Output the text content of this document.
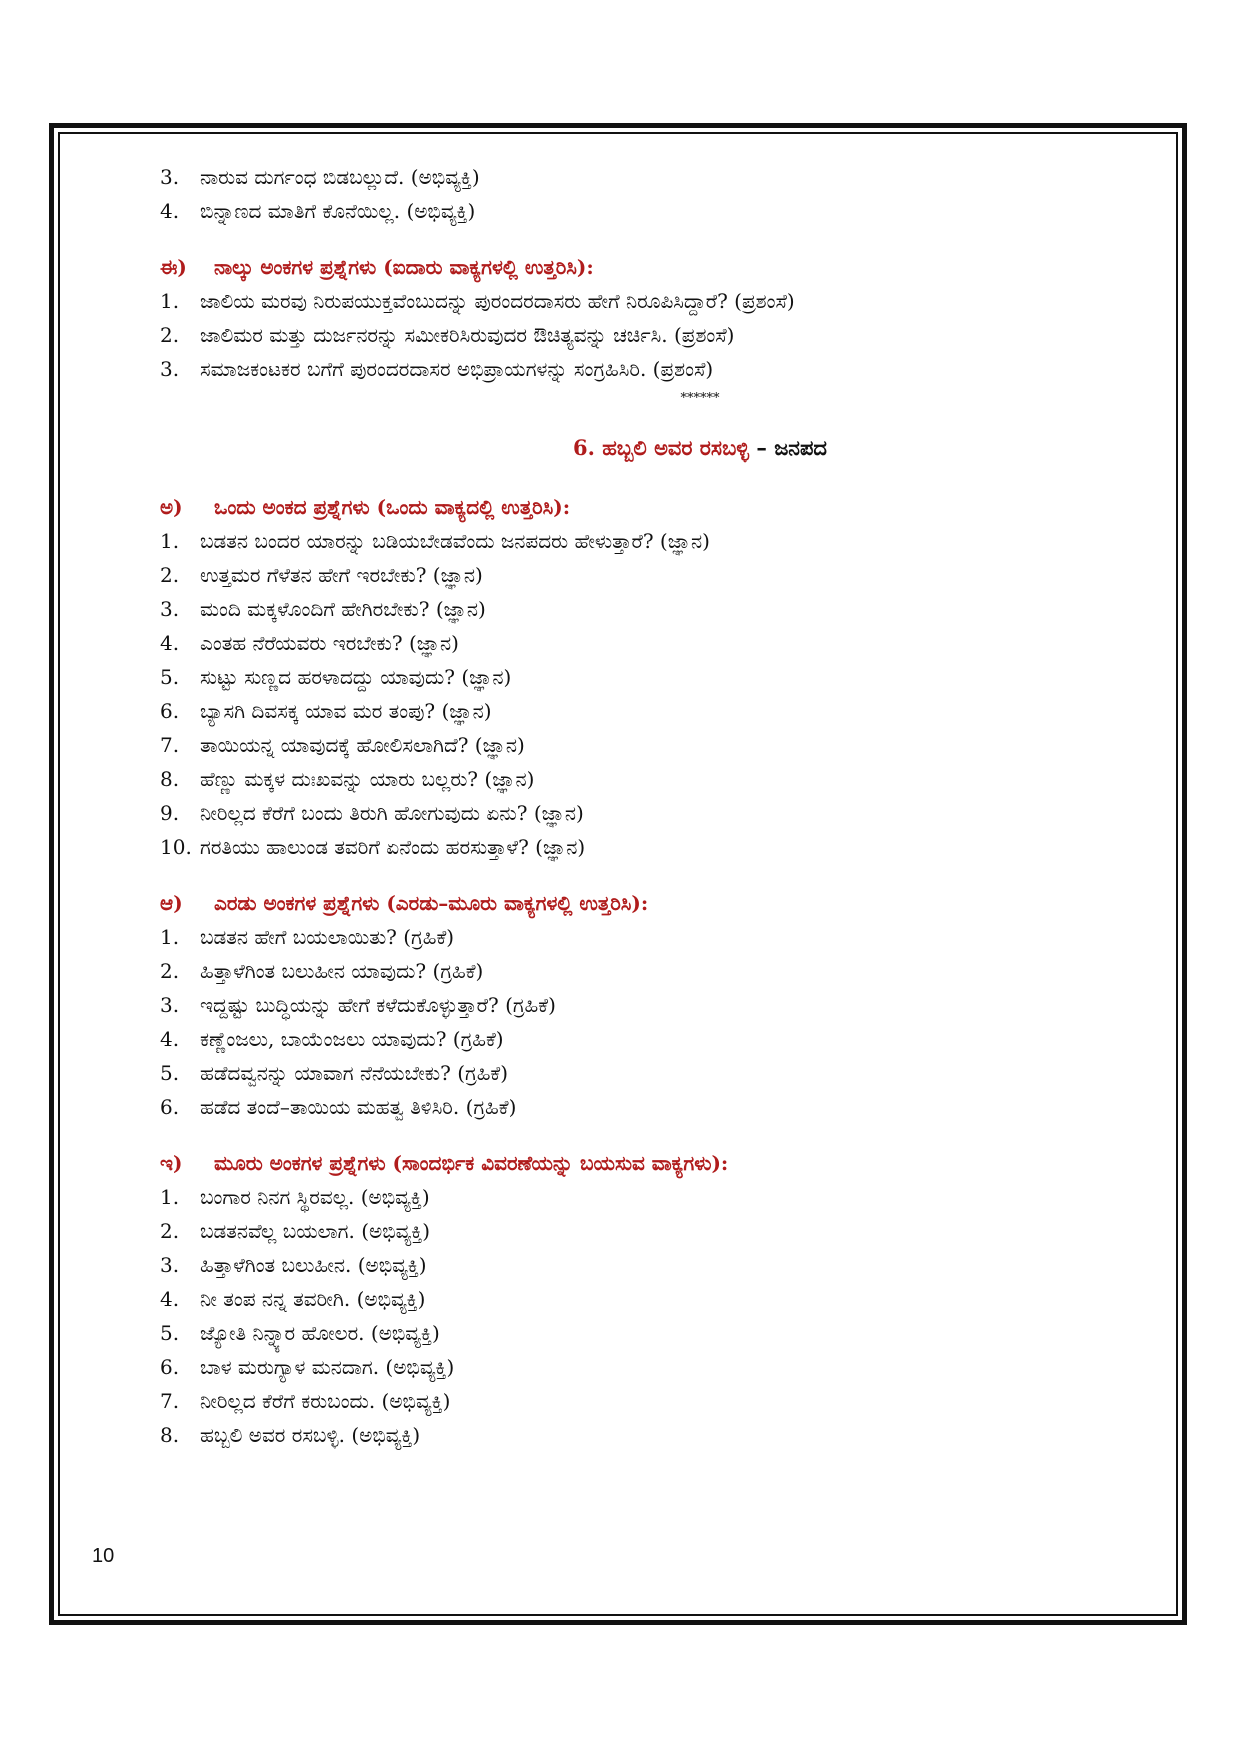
3. ನಾರುವ ದುರ್ಗಂಧ ಬಿಡಬಲ್ಲುದೆ. (ಅಭಿವ್ಯಕ್ತಿ)
4. ಬಿನ್ನಾಣದ ಮಾತಿಗೆ ಕೊನೆಯಿಲ್ಲ. (ಅಭಿವ್ಯಕ್ತಿ)
ಈ) ನಾಲ್ಕು ಅಂಕಗಳ ಪ್ರಶ್ನೆಗಳು (ಐದಾರು ವಾಕ್ಯಗಳಲ್ಲಿ ಉತ್ತರಿಸಿ):
1. ಜಾಲಿಯ ಮರವು ನಿರುಪಯುಕ್ತವೆಂಬುದನ್ನು ಪುರಂದರದಾಸರು ಹೇಗೆ ನಿರೂಪಿಸಿದ್ದಾರೆ? (ಪ್ರಶಂಸೆ)
2. ಜಾಲಿಮರ ಮತ್ತು ದುರ್ಜನರನ್ನು ಸಮೀಕರಿಸಿರುವುದರ ಔಚಿತ್ಯವನ್ನು ಚರ್ಚಿಸಿ. (ಪ್ರಶಂಸೆ)
3. ಸಮಾಜಕಂಟಕರ ಬಗೆಗೆ ಪುರಂದರದಾಸರ ಅಭಿಪ್ರಾಯಗಳನ್ನು ಸಂಗ್ರಹಿಸಿರಿ. (ಪ್ರಶಂಸೆ)
******
6. ಹಬ್ಬಲಿ ಅವರ ರಸಬಳ್ಳಿ – ಜನಪದ
ಅ) ಒಂದು ಅಂಕದ ಪ್ರಶ್ನೆಗಳು (ಒಂದು ವಾಕ್ಯದಲ್ಲಿ ಉತ್ತರಿಸಿ):
1. ಬಡತನ ಬಂದರ ಯಾರನ್ನು ಬಡಿಯಬೇಡವೆಂದು ಜನಪದರು ಹೇಳುತ್ತಾರೆ? (ಜ್ಞಾನ)
2. ಉತ್ತಮರ ಗೆಳೆತನ ಹೇಗೆ ಇರಬೇಕು? (ಜ್ಞಾನ)
3. ಮಂದಿ ಮಕ್ಕಳೊಂದಿಗೆ ಹೇಗಿರಬೇಕು? (ಜ್ಞಾನ)
4. ಎಂತಹ ನೆರೆಯವರು ಇರಬೇಕು? (ಜ್ಞಾನ)
5. ಸುಟ್ಟು ಸುಣ್ಣದ ಹರಳಾದದ್ದು ಯಾವುದು? (ಜ್ಞಾನ)
6. ಬ್ಯಾಸಗಿ ದಿವಸಕ್ಕ ಯಾವ ಮರ ತಂಪು? (ಜ್ಞಾನ)
7. ತಾಯಿಯನ್ನ ಯಾವುದಕ್ಕೆ ಹೋಲಿಸಲಾಗಿದೆ? (ಜ್ಞಾನ)
8. ಹೆಣ್ಣು ಮಕ್ಕಳ ದುಃಖವನ್ನು ಯಾರು ಬಲ್ಲರು? (ಜ್ಞಾನ)
9. ನೀರಿಲ್ಲದ ಕೆರೆಗೆ ಬಂದು ತಿರುಗಿ ಹೋಗುವುದು ಏನು? (ಜ್ಞಾನ)
10. ಗರತಿಯು ಹಾಲುಂಡ ತವರಿಗೆ ಏನೆಂದು ಹರಸುತ್ತಾಳೆ? (ಜ್ಞಾನ)
ಆ) ಎರಡು ಅಂಕಗಳ ಪ್ರಶ್ನೆಗಳು (ಎರಡು–ಮೂರು ವಾಕ್ಯಗಳಲ್ಲಿ ಉತ್ತರಿಸಿ):
1. ಬಡತನ ಹೇಗೆ ಬಯಲಾಯಿತು? (ಗ್ರಹಿಕೆ)
2. ಹಿತ್ತಾಳೆಗಿಂತ ಬಲುಹೀನ ಯಾವುದು? (ಗ್ರಹಿಕೆ)
3. ಇದ್ದಷ್ಟು ಬುದ್ಧಿಯನ್ನು ಹೇಗೆ ಕಳೆದುಕೊಳ್ಳುತ್ತಾರೆ? (ಗ್ರಹಿಕೆ)
4. ಕಣ್ಣೆಂಜಲು, ಬಾಯೆಂಜಲು ಯಾವುದು? (ಗ್ರಹಿಕೆ)
5. ಹಡೆದವ್ವನನ್ನು ಯಾವಾಗ ನೆನೆಯಬೇಕು? (ಗ್ರಹಿಕೆ)
6. ಹಡೆದ ತಂದೆ–ತಾಯಿಯ ಮಹತ್ವ ತಿಳಿಸಿರಿ. (ಗ್ರಹಿಕೆ)
ಇ) ಮೂರು ಅಂಕಗಳ ಪ್ರಶ್ನೆಗಳು (ಸಾಂದರ್ಭಿಕ ವಿವರಣೆಯನ್ನು ಬಯಸುವ ವಾಕ್ಯಗಳು):
1. ಬಂಗಾರ ನಿನಗ ಸ್ಥಿರವಲ್ಲ. (ಅಭಿವ್ಯಕ್ತಿ)
2. ಬಡತನವೆಲ್ಲ ಬಯಲಾಗ. (ಅಭಿವ್ಯಕ್ತಿ)
3. ಹಿತ್ತಾಳೆಗಿಂತ ಬಲುಹೀನ. (ಅಭಿವ್ಯಕ್ತಿ)
4. ನೀ ತಂಪ ನನ್ನ ತವರೀಗಿ. (ಅಭಿವ್ಯಕ್ತಿ)
5. ಜ್ಯೋತಿ ನಿನ್ನ್ಯಾರ ಹೋಲರ. (ಅಭಿವ್ಯಕ್ತಿ)
6. ಬಾಳ ಮರುಗ್ಯಾಳ ಮನದಾಗ. (ಅಭಿವ್ಯಕ್ತಿ)
7. ನೀರಿಲ್ಲದ ಕೆರೆಗೆ ಕರುಬಂದು. (ಅಭಿವ್ಯಕ್ತಿ)
8. ಹಬ್ಬಲಿ ಅವರ ರಸಬಳ್ಳಿ. (ಅಭಿವ್ಯಕ್ತಿ)
10
